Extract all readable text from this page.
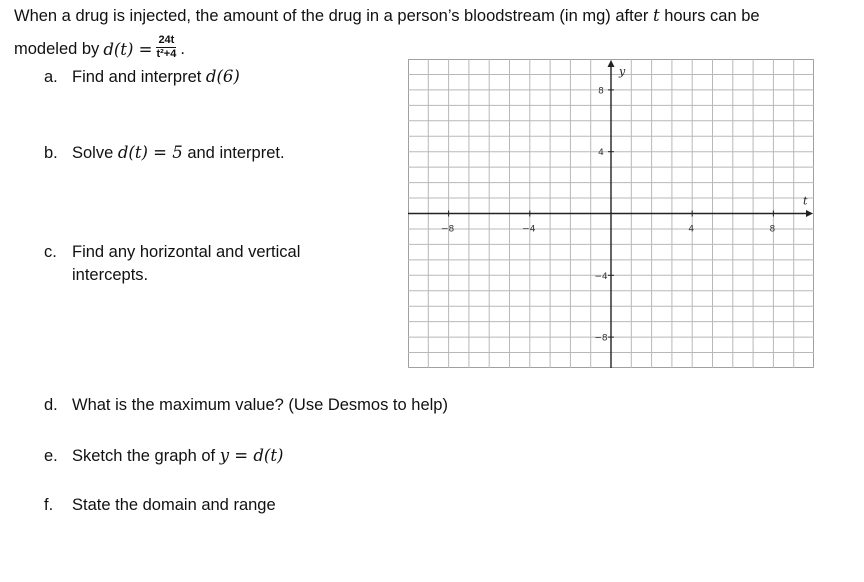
When a drug is injected, the amount of the drug in a person’s bloodstream (in mg) after t hours can be
modeled by $d(t) = \frac{24t}{\text{t²+4}}$ .
a. Find and interpret d(6)
b. Solve d(t) = 5 and interpret.
c. Find any horizontal and vertical
intercepts.
d. What is the maximum value? (Use Desmos to help)
e. Sketch the graph of y = d(t)
f. State the domain and range
t
y
−8	−4	4	8
8
4
−4
−8
